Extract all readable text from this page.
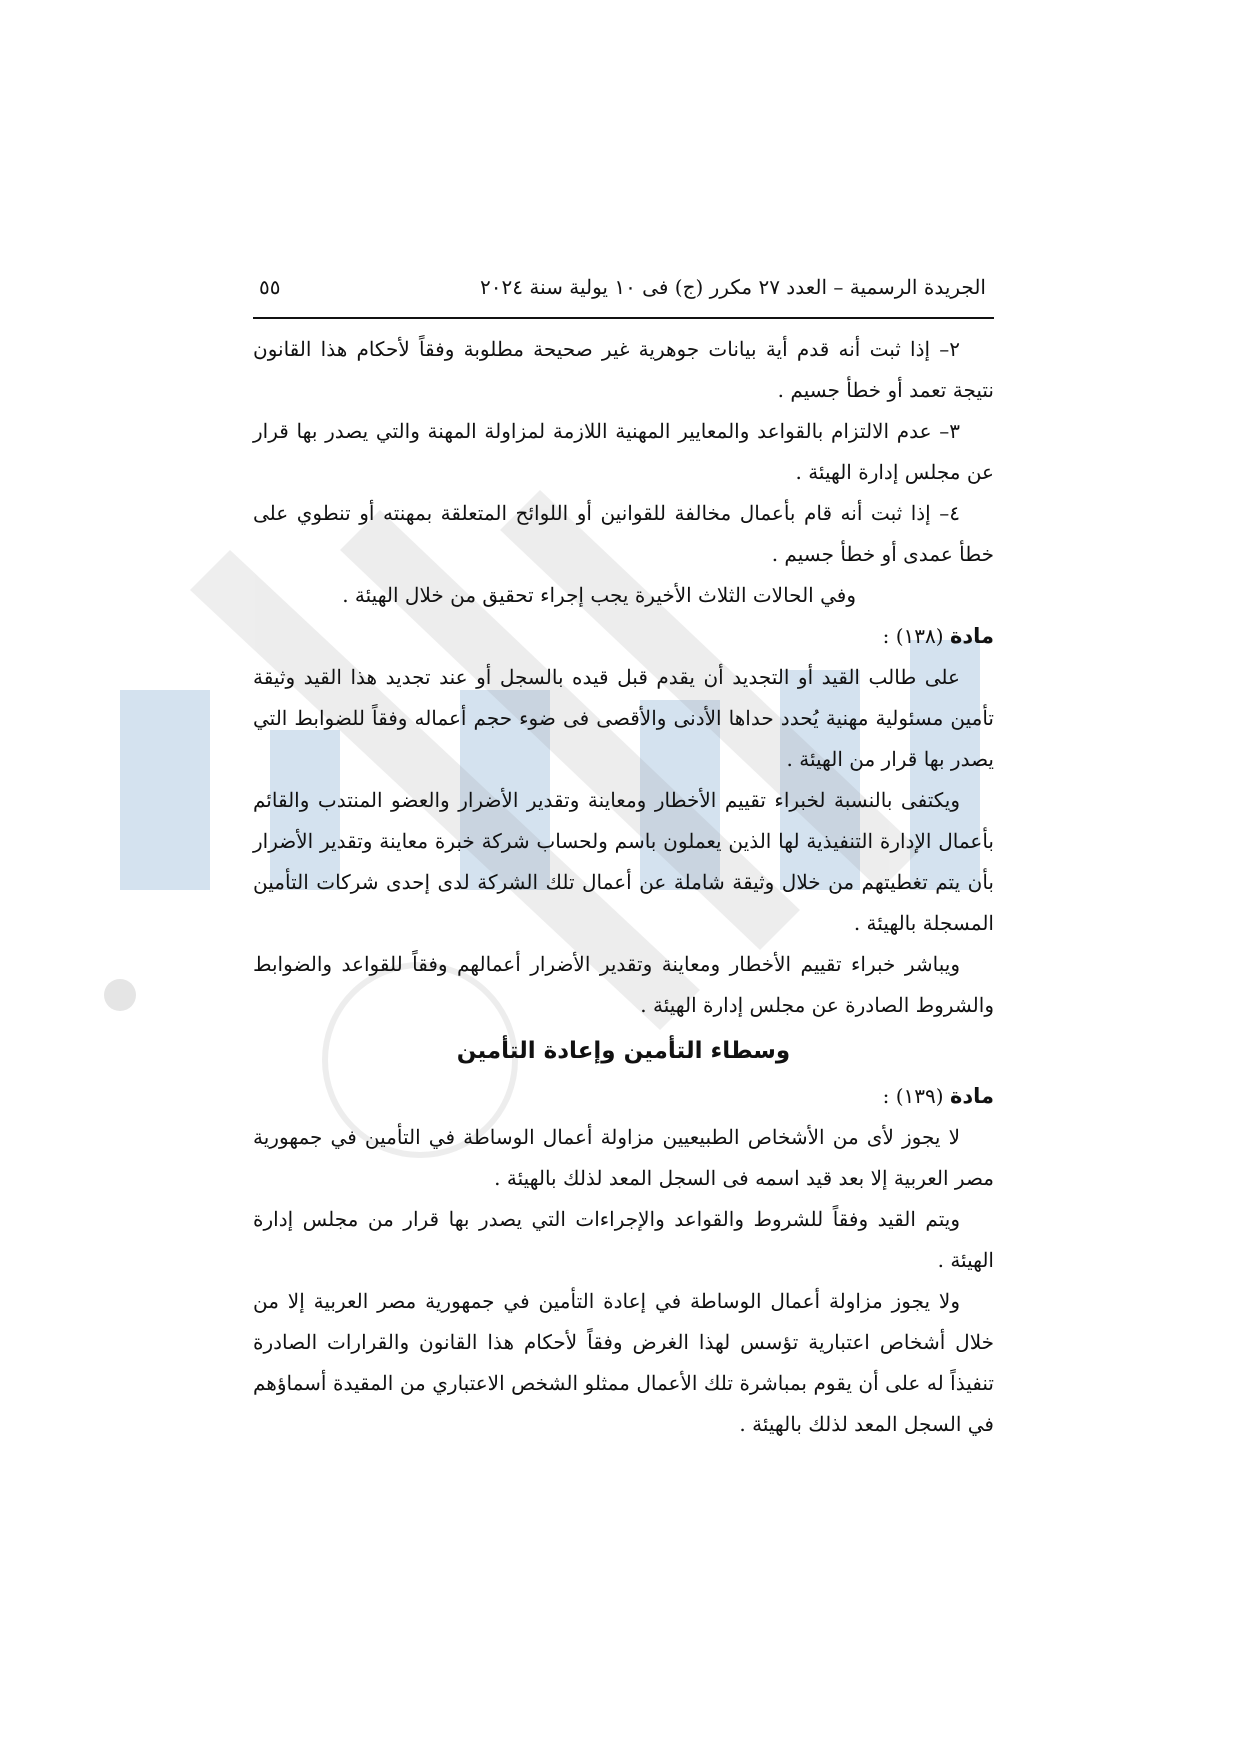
الجريدة الرسمية – العدد ٢٧ مكرر (ج) فى ١٠ يولية سنة ٢٠٢٤
٥٥

٢– إذا ثبت أنه قدم أية بيانات جوهرية غير صحيحة مطلوبة وفقاً لأحكام هذا القانون نتيجة تعمد أو خطأ جسيم .

٣– عدم الالتزام بالقواعد والمعايير المهنية اللازمة لمزاولة المهنة والتي يصدر بها قرار عن مجلس إدارة الهيئة .

٤– إذا ثبت أنه قام بأعمال مخالفة للقوانين أو اللوائح المتعلقة بمهنته أو تنطوي على خطأ عمدى أو خطأ جسيم .

وفي الحالات الثلاث الأخيرة يجب إجراء تحقيق من خلال الهيئة .

مادة (١٣٨) :

على طالب القيد أو التجديد أن يقدم قبل قيده بالسجل أو عند تجديد هذا القيد وثيقة تأمين مسئولية مهنية يُحدد حداها الأدنى والأقصى فى ضوء حجم أعماله وفقاً للضوابط التي يصدر بها قرار من الهيئة .

ويكتفى بالنسبة لخبراء تقييم الأخطار ومعاينة وتقدير الأضرار والعضو المنتدب والقائم بأعمال الإدارة التنفيذية لها الذين يعملون باسم ولحساب شركة خبرة معاينة وتقدير الأضرار بأن يتم تغطيتهم من خلال وثيقة شاملة عن أعمال تلك الشركة لدى إحدى شركات التأمين المسجلة بالهيئة .

ويباشر خبراء تقييم الأخطار ومعاينة وتقدير الأضرار أعمالهم وفقاً للقواعد والضوابط والشروط الصادرة عن مجلس إدارة الهيئة .

وسطاء التأمين وإعادة التأمين

مادة (١٣٩) :

لا يجوز لأى من الأشخاص الطبيعيين مزاولة أعمال الوساطة في التأمين في جمهورية مصر العربية إلا بعد قيد اسمه فى السجل المعد لذلك بالهيئة .

ويتم القيد وفقاً للشروط والقواعد والإجراءات التي يصدر بها قرار من مجلس إدارة الهيئة .

ولا يجوز مزاولة أعمال الوساطة في إعادة التأمين في جمهورية مصر العربية إلا من خلال أشخاص اعتبارية تؤسس لهذا الغرض وفقاً لأحكام هذا القانون والقرارات الصادرة تنفيذاً له على أن يقوم بمباشرة تلك الأعمال ممثلو الشخص الاعتباري من المقيدة أسماؤهم في السجل المعد لذلك بالهيئة .
